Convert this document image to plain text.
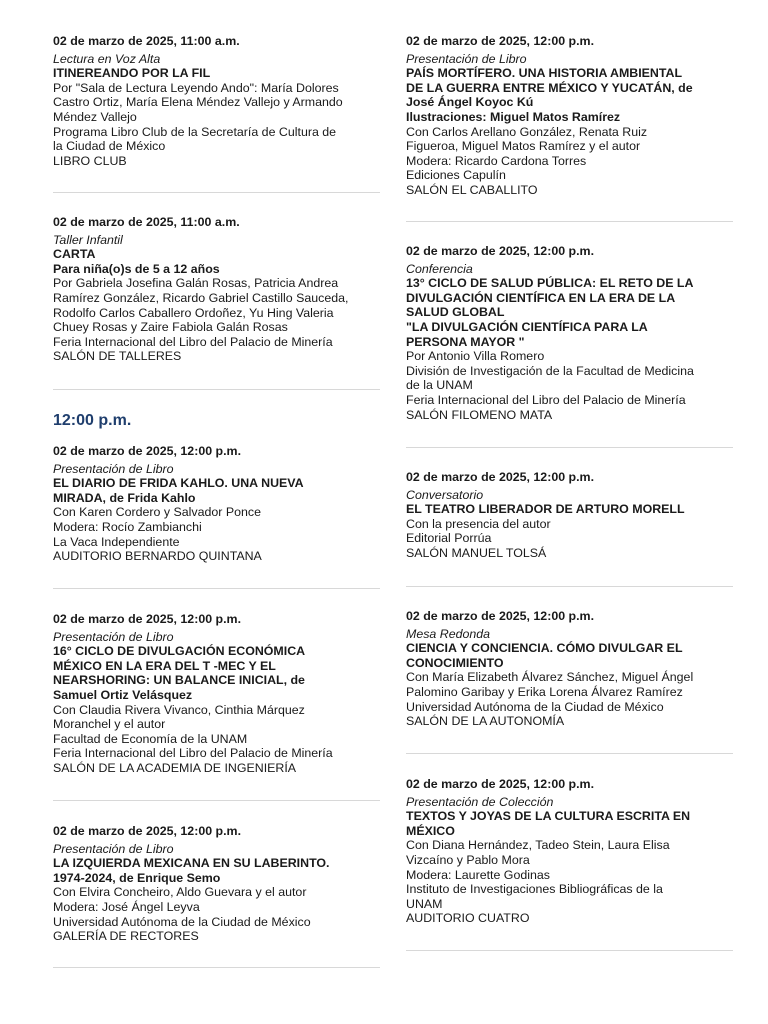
02 de marzo de 2025, 11:00 a.m.
Lectura en Voz Alta
ITINEREANDO POR LA FIL
Por "Sala de Lectura Leyendo Ando": María Dolores
Castro Ortiz, María Elena Méndez Vallejo y Armando
Méndez Vallejo
Programa Libro Club de la Secretaría de Cultura de
la Ciudad de México
LIBRO CLUB
02 de marzo de 2025, 11:00 a.m.
Taller Infantil
CARTA
Para niña(o)s de 5 a 12 años
Por Gabriela Josefina Galán Rosas, Patricia Andrea
Ramírez González, Ricardo Gabriel Castillo Sauceda,
Rodolfo Carlos Caballero Ordoñez, Yu Hing Valeria
Chuey Rosas y Zaire Fabiola Galán Rosas
Feria Internacional del Libro del Palacio de Minería
SALÓN DE TALLERES
12:00 p.m.
02 de marzo de 2025, 12:00 p.m.
Presentación de Libro
EL DIARIO DE FRIDA KAHLO. UNA NUEVA
MIRADA, de Frida Kahlo
Con Karen Cordero y Salvador Ponce
Modera: Rocío Zambianchi
La Vaca Independiente
AUDITORIO BERNARDO QUINTANA
02 de marzo de 2025, 12:00 p.m.
Presentación de Libro
16° CICLO DE DIVULGACIÓN ECONÓMICA
MÉXICO EN LA ERA DEL T -MEC Y EL
NEARSHORING: UN BALANCE INICIAL, de
Samuel Ortiz Velásquez
Con Claudia Rivera Vivanco, Cinthia Márquez
Moranchel y el autor
Facultad de Economía de la UNAM
Feria Internacional del Libro del Palacio de Minería
SALÓN DE LA ACADEMIA DE INGENIERÍA
02 de marzo de 2025, 12:00 p.m.
Presentación de Libro
LA IZQUIERDA MEXICANA EN SU LABERINTO.
1974-2024, de Enrique Semo
Con Elvira Concheiro, Aldo Guevara y el autor
Modera: José Ángel Leyva
Universidad Autónoma de la Ciudad de México
GALERÍA DE RECTORES
02 de marzo de 2025, 12:00 p.m.
Presentación de Libro
PAÍS MORTÍFERO. UNA HISTORIA AMBIENTAL
DE LA GUERRA ENTRE MÉXICO Y YUCATÁN, de
José Ángel Koyoc Kú
Ilustraciones: Miguel Matos Ramírez
Con Carlos Arellano González, Renata Ruiz
Figueroa, Miguel Matos Ramírez y el autor
Modera: Ricardo Cardona Torres
Ediciones Capulín
SALÓN EL CABALLITO
02 de marzo de 2025, 12:00 p.m.
Conferencia
13° CICLO DE SALUD PÚBLICA: EL RETO DE LA
DIVULGACIÓN CIENTÍFICA EN LA ERA DE LA
SALUD GLOBAL
"LA DIVULGACIÓN CIENTÍFICA PARA LA
PERSONA MAYOR "
Por Antonio Villa Romero
División de Investigación de la Facultad de Medicina
de la UNAM
Feria Internacional del Libro del Palacio de Minería
SALÓN FILOMENO MATA
02 de marzo de 2025, 12:00 p.m.
Conversatorio
EL TEATRO LIBERADOR DE ARTURO MORELL
Con la presencia del autor
Editorial Porrúa
SALÓN MANUEL TOLSÁ
02 de marzo de 2025, 12:00 p.m.
Mesa Redonda
CIENCIA Y CONCIENCIA. CÓMO DIVULGAR EL
CONOCIMIENTO
Con María Elizabeth Álvarez Sánchez, Miguel Ángel
Palomino Garibay y Erika Lorena Álvarez Ramírez
Universidad Autónoma de la Ciudad de México
SALÓN DE LA AUTONOMÍA
02 de marzo de 2025, 12:00 p.m.
Presentación de Colección
TEXTOS Y JOYAS DE LA CULTURA ESCRITA EN
MÉXICO
Con Diana Hernández, Tadeo Stein, Laura Elisa
Vizcaíno y Pablo Mora
Modera: Laurette Godinas
Instituto de Investigaciones Bibliográficas de la
UNAM
AUDITORIO CUATRO
